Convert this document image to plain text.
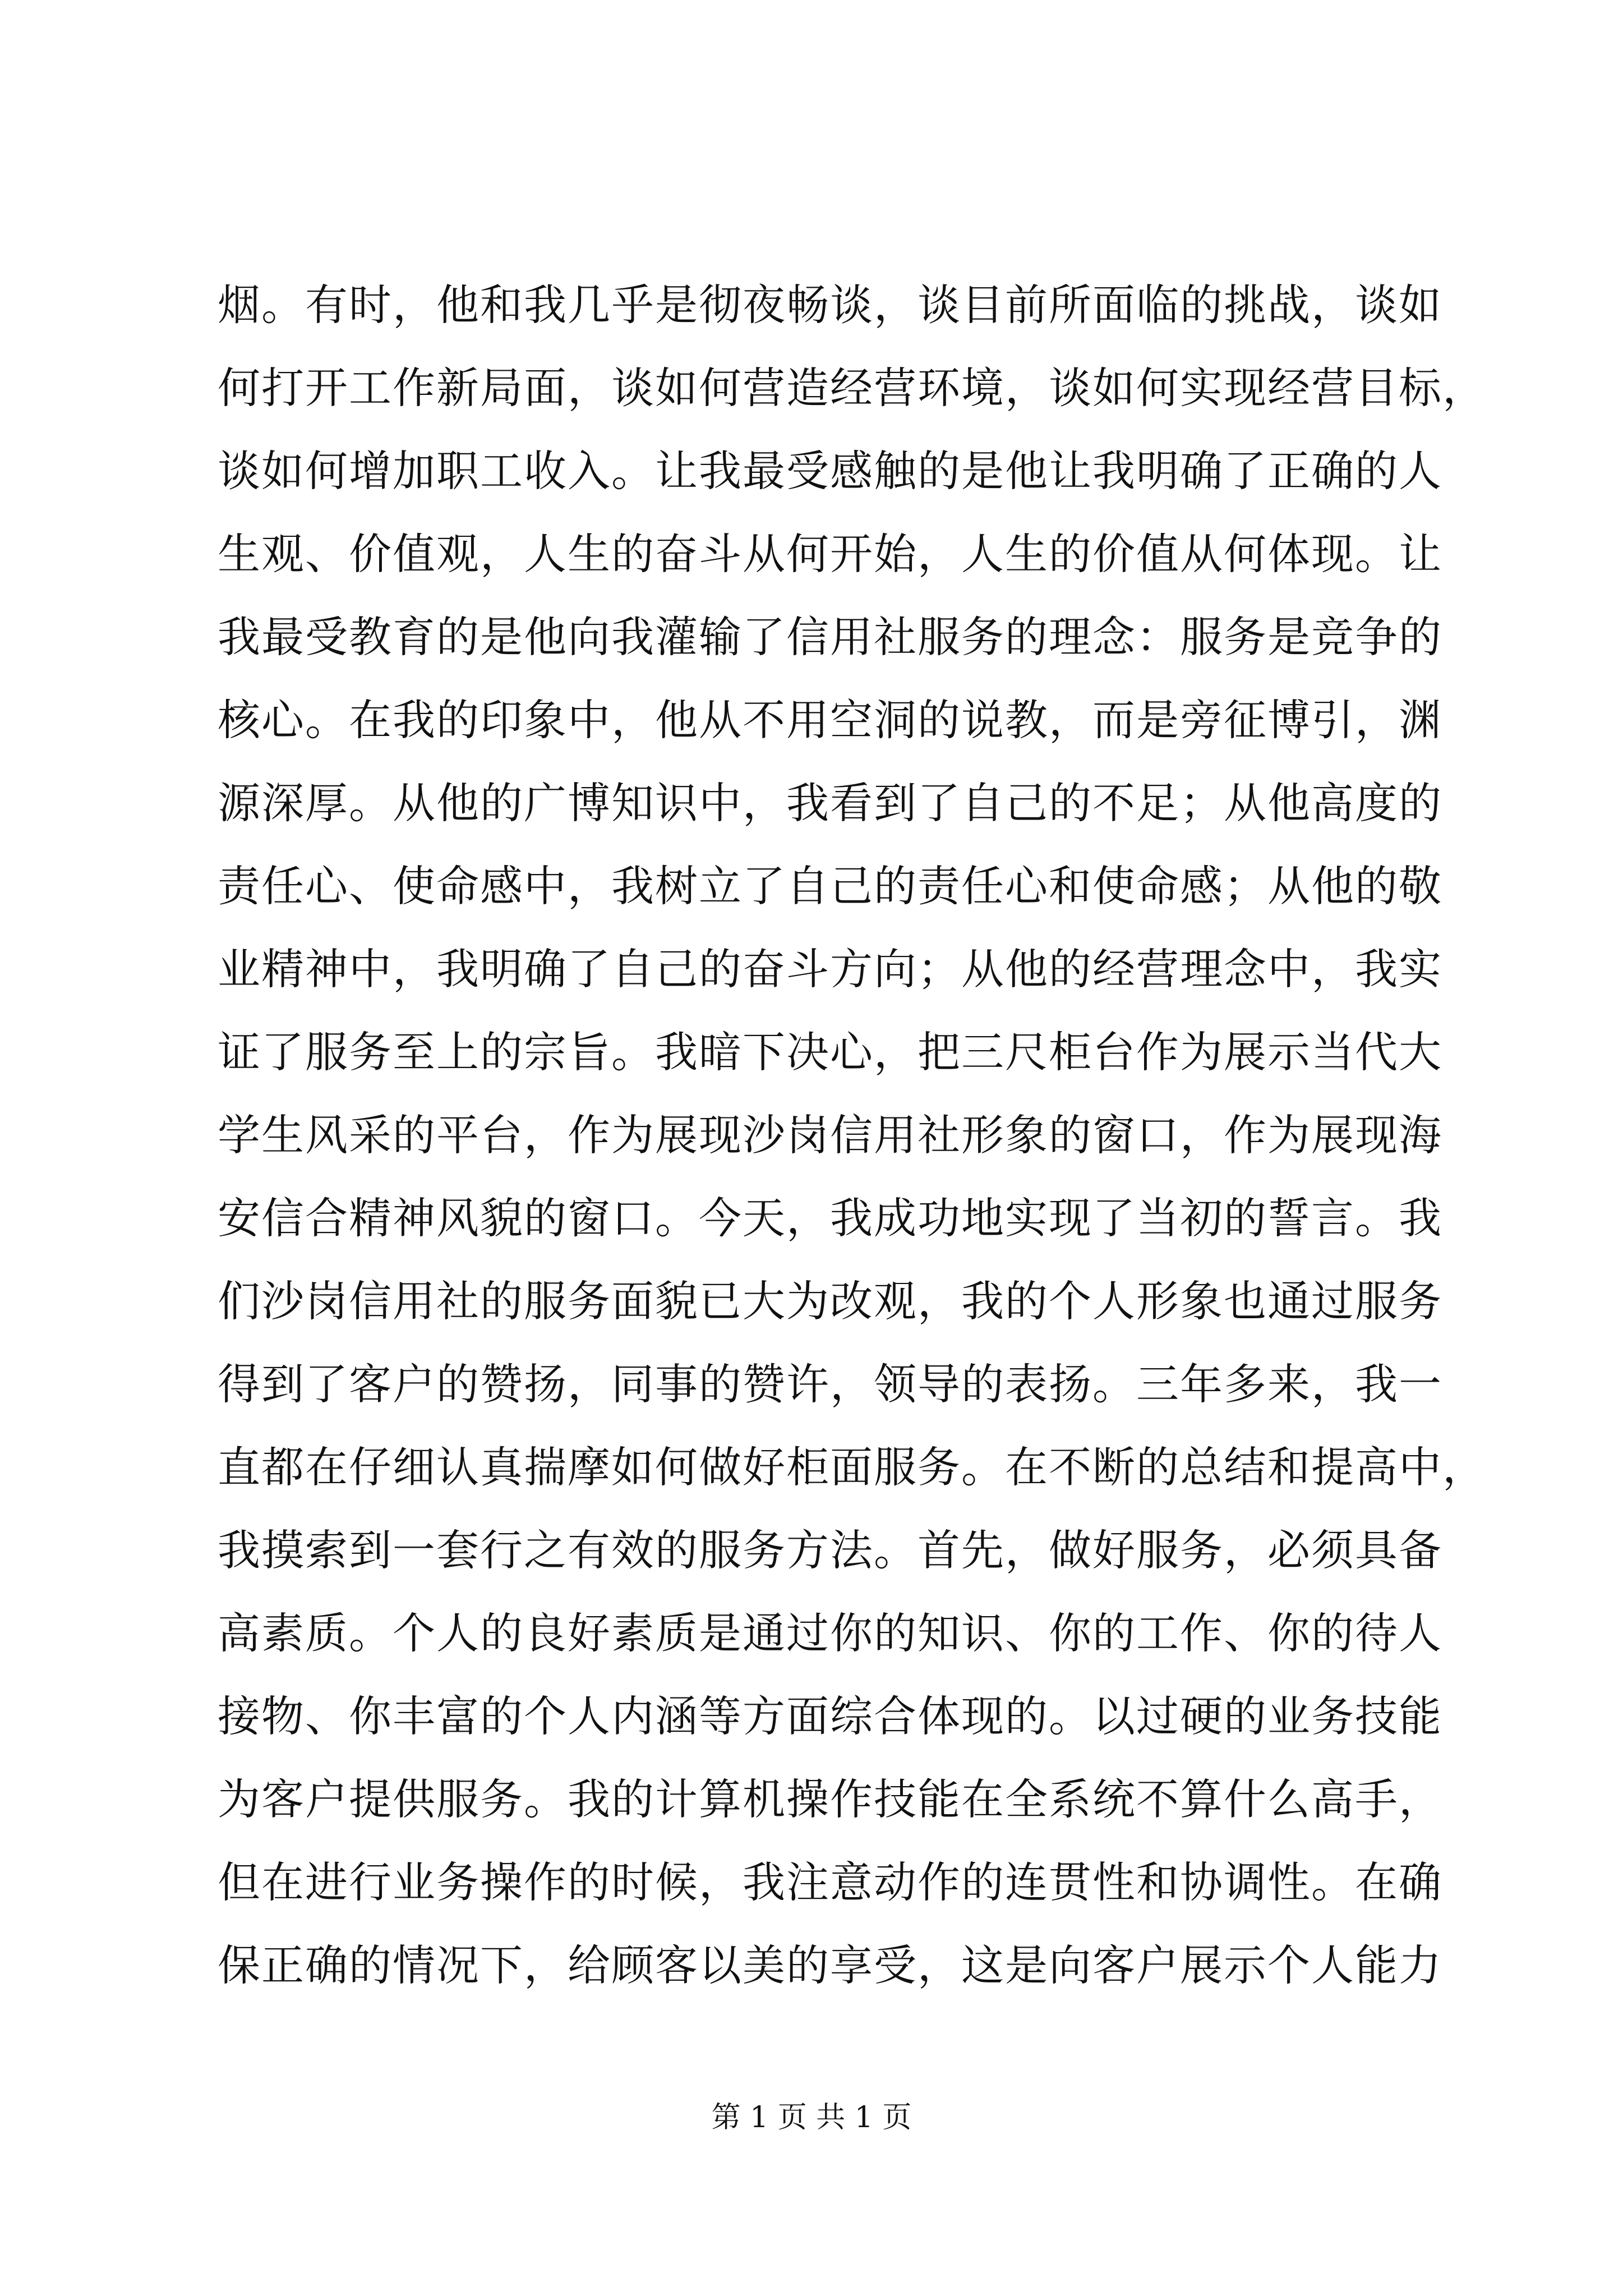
烟。有时，他和我几乎是彻夜畅谈，谈目前所面临的挑战，谈如
何打开工作新局面，谈如何营造经营环境，谈如何实现经营目标，
谈如何增加职工收入。让我最受感触的是他让我明确了正确的人
生观、价值观，人生的奋斗从何开始，人生的价值从何体现。让
我最受教育的是他向我灌输了信用社服务的理念：服务是竞争的
核心。在我的印象中，他从不用空洞的说教，而是旁征博引，渊
源深厚。从他的广博知识中，我看到了自己的不足；从他高度的
责任心、使命感中，我树立了自己的责任心和使命感；从他的敬
业精神中，我明确了自己的奋斗方向；从他的经营理念中，我实
证了服务至上的宗旨。我暗下决心，把三尺柜台作为展示当代大
学生风采的平台，作为展现沙岗信用社形象的窗口，作为展现海
安信合精神风貌的窗口。今天，我成功地实现了当初的誓言。我
们沙岗信用社的服务面貌已大为改观，我的个人形象也通过服务
得到了客户的赞扬，同事的赞许，领导的表扬。三年多来，我一
直都在仔细认真揣摩如何做好柜面服务。在不断的总结和提高中，
我摸索到一套行之有效的服务方法。首先，做好服务，必须具备
高素质。个人的良好素质是通过你的知识、你的工作、你的待人
接物、你丰富的个人内涵等方面综合体现的。以过硬的业务技能
为客户提供服务。我的计算机操作技能在全系统不算什么高手，
但在进行业务操作的时候，我注意动作的连贯性和协调性。在确
保正确的情况下，给顾客以美的享受，这是向客户展示个人能力
第 1 页 共 1 页
